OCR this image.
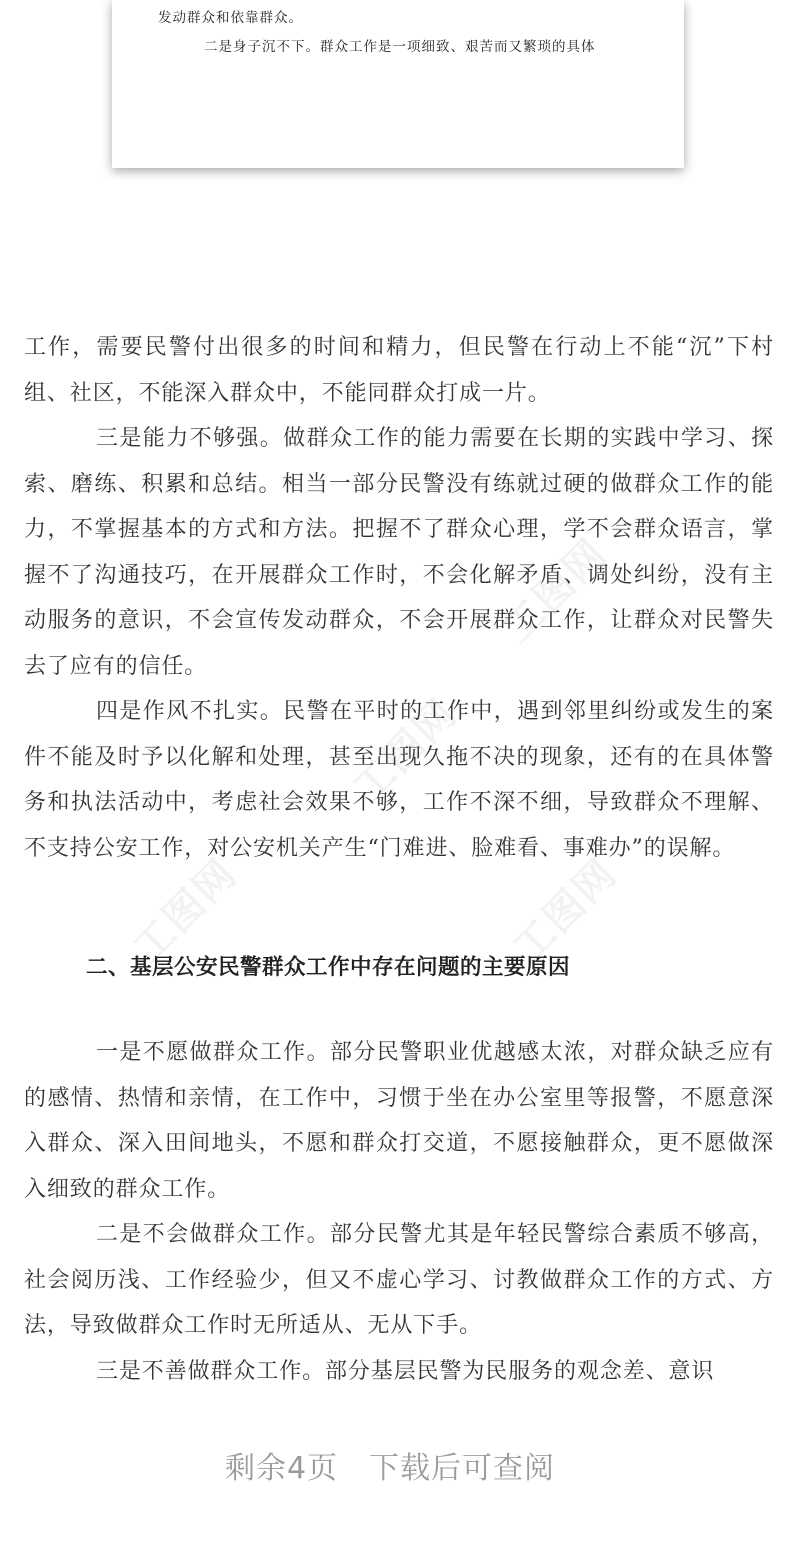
发动群众和依靠群众。
二是身子沉不下。群众工作是一项细致、艰苦而又繁琐的具体
工图网	工图网
工图网
工图网

工作，需要民警付出很多的时间和精力，但民警在行动上不能“沉”下村组、社区，不能深入群众中，不能同群众打成一片。

三是能力不够强。做群众工作的能力需要在长期的实践中学习、探索、磨练、积累和总结。相当一部分民警没有练就过硬的做群众工作的能力，不掌握基本的方式和方法。把握不了群众心理，学不会群众语言，掌握不了沟通技巧，在开展群众工作时，不会化解矛盾、调处纠纷，没有主动服务的意识，不会宣传发动群众，不会开展群众工作，让群众对民警失去了应有的信任。

四是作风不扎实。民警在平时的工作中，遇到邻里纠纷或发生的案件不能及时予以化解和处理，甚至出现久拖不决的现象，还有的在具体警务和执法活动中，考虑社会效果不够，工作不深不细，导致群众不理解、不支持公安工作，对公安机关产生“门难进、脸难看、事难办”的误解。

二、基层公安民警群众工作中存在问题的主要原因

一是不愿做群众工作。部分民警职业优越感太浓，对群众缺乏应有的感情、热情和亲情，在工作中，习惯于坐在办公室里等报警，不愿意深入群众、深入田间地头，不愿和群众打交道，不愿接触群众，更不愿做深入细致的群众工作。

二是不会做群众工作。部分民警尤其是年轻民警综合素质不够高，社会阅历浅、工作经验少，但又不虚心学习、讨教做群众工作的方式、方法，导致做群众工作时无所适从、无从下手。

三是不善做群众工作。部分基层民警为民服务的观念差、意识

剩余4页　下载后可查阅
